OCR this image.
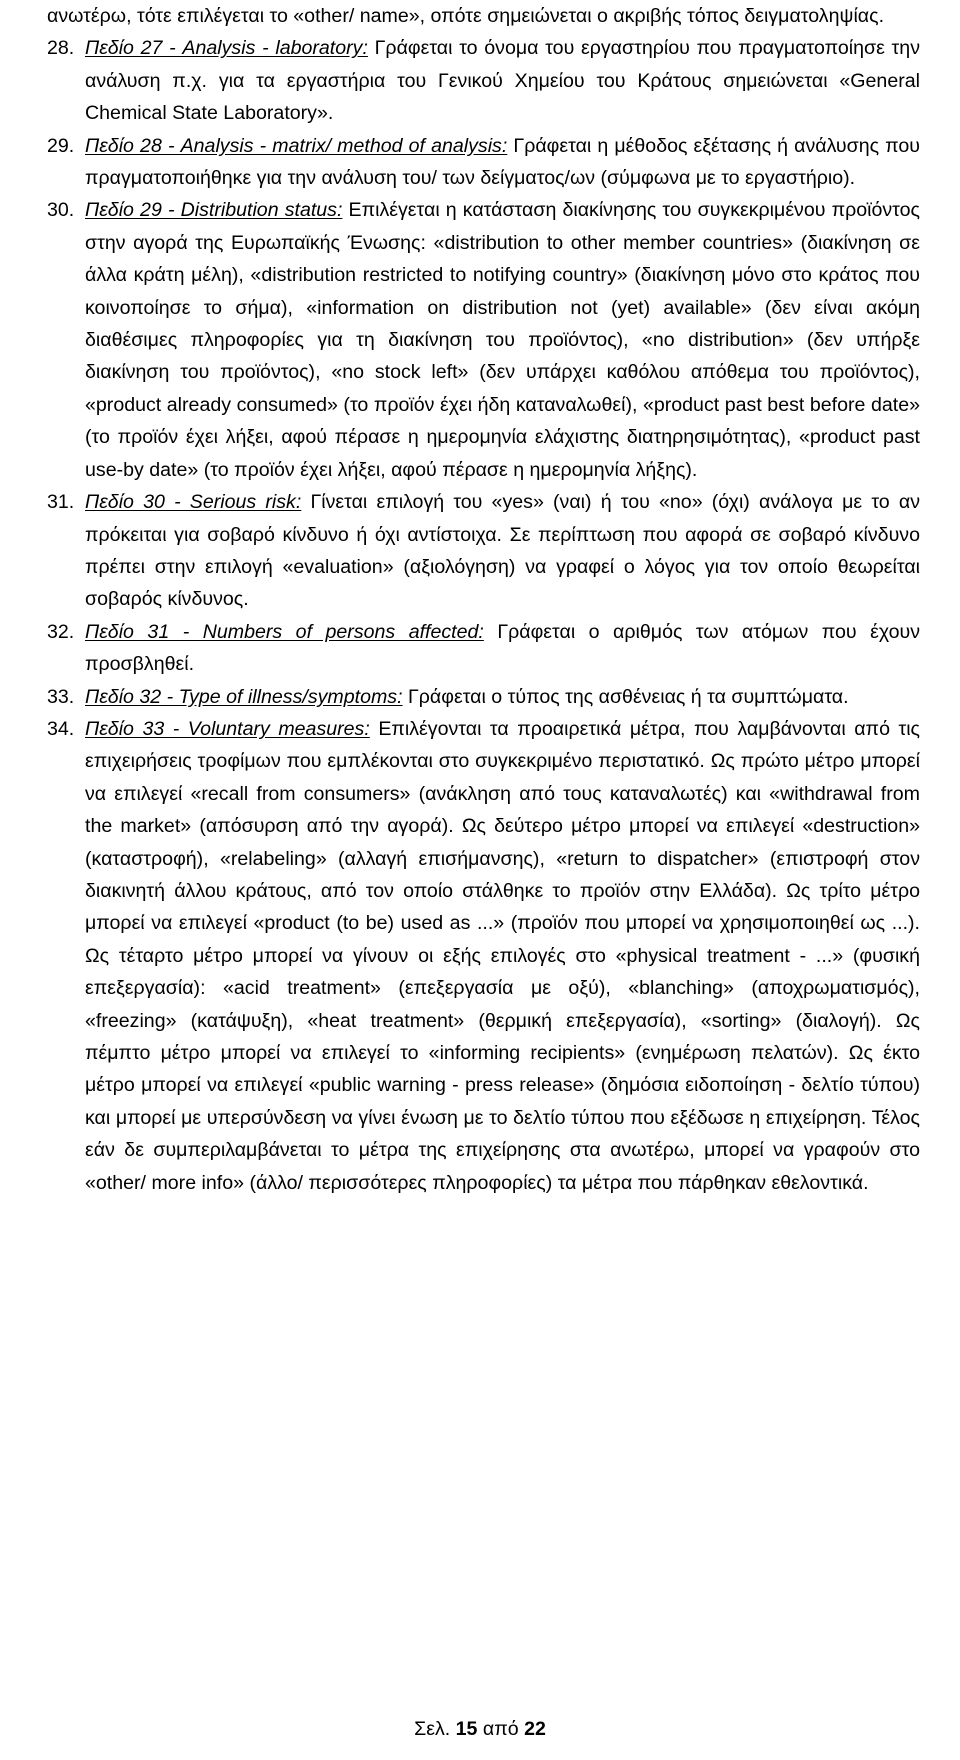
ανωτέρω, τότε επιλέγεται το «other/ name», οπότε σημειώνεται ο ακριβής τόπος δειγματοληψίας.

28. Πεδίο 27 - Analysis - laboratory: Γράφεται το όνομα του εργαστηρίου που πραγματοποίησε την ανάλυση π.χ. για τα εργαστήρια του Γενικού Χημείου του Κράτους σημειώνεται «General Chemical State Laboratory».
29. Πεδίο 28 - Analysis - matrix/ method of analysis: Γράφεται η μέθοδος εξέτασης ή ανάλυσης που πραγματοποιήθηκε για την ανάλυση του/ των δείγματος/ων (σύμφωνα με το εργαστήριο).
30. Πεδίο 29 - Distribution status: Επιλέγεται η κατάσταση διακίνησης του συγκεκριμένου προϊόντος στην αγορά της Ευρωπαϊκής Ένωσης: «distribution to other member countries» (διακίνηση σε άλλα κράτη μέλη), «distribution restricted to notifying country» (διακίνηση μόνο στο κράτος που κοινοποίησε το σήμα), «information on distribution not (yet) available» (δεν είναι ακόμη διαθέσιμες πληροφορίες για τη διακίνηση του προϊόντος), «no distribution» (δεν υπήρξε διακίνηση του προϊόντος), «no stock left» (δεν υπάρχει καθόλου απόθεμα του προϊόντος), «product already consumed» (το προϊόν έχει ήδη καταναλωθεί), «product past best before date» (το προϊόν έχει λήξει, αφού πέρασε η ημερομηνία ελάχιστης διατηρησιμότητας), «product past use-by date» (το προϊόν έχει λήξει, αφού πέρασε η ημερομηνία λήξης).
31. Πεδίο 30 - Serious risk: Γίνεται επιλογή του «yes» (ναι) ή του «no» (όχι) ανάλογα με το αν πρόκειται για σοβαρό κίνδυνο ή όχι αντίστοιχα. Σε περίπτωση που αφορά σε σοβαρό κίνδυνο πρέπει στην επιλογή «evaluation» (αξιολόγηση) να γραφεί ο λόγος για τον οποίο θεωρείται σοβαρός κίνδυνος.
32. Πεδίο 31 - Numbers of persons affected: Γράφεται ο αριθμός των ατόμων που έχουν προσβληθεί.
33. Πεδίο 32 - Type of illness/symptoms: Γράφεται ο τύπος της ασθένειας ή τα συμπτώματα.
34. Πεδίο 33 - Voluntary measures: Επιλέγονται τα προαιρετικά μέτρα, που λαμβάνονται από τις επιχειρήσεις τροφίμων που εμπλέκονται στο συγκεκριμένο περιστατικό. Ως πρώτο μέτρο μπορεί να επιλεγεί «recall from consumers» (ανάκληση από τους καταναλωτές) και «withdrawal from the market» (απόσυρση από την αγορά). Ως δεύτερο μέτρο μπορεί να επιλεγεί «destruction» (καταστροφή), «relabeling» (αλλαγή επισήμανσης), «return to dispatcher» (επιστροφή στον διακινητή άλλου κράτους, από τον οποίο στάλθηκε το προϊόν στην Ελλάδα). Ως τρίτο μέτρο μπορεί να επιλεγεί «product (to be) used as ...» (προϊόν που μπορεί να χρησιμοποιηθεί ως ...). Ως τέταρτο μέτρο μπορεί να γίνουν οι εξής επιλογές στο «physical treatment - ...» (φυσική επεξεργασία): «acid treatment» (επεξεργασία με οξύ), «blanching» (αποχρωματισμός), «freezing» (κατάψυξη), «heat treatment» (θερμική επεξεργασία), «sorting» (διαλογή). Ως πέμπτο μέτρο μπορεί να επιλεγεί το «informing recipients» (ενημέρωση πελατών). Ως έκτο μέτρο μπορεί να επιλεγεί «public warning - press release» (δημόσια ειδοποίηση - δελτίο τύπου) και μπορεί με υπερσύνδεση να γίνει ένωση με το δελτίο τύπου που εξέδωσε η επιχείρηση. Τέλος εάν δε συμπεριλαμβάνεται το μέτρα της επιχείρησης στα ανωτέρω, μπορεί να γραφούν στο «other/ more info» (άλλο/ περισσότερες πληροφορίες) τα μέτρα που πάρθηκαν εθελοντικά.
Σελ. 15 από 22
